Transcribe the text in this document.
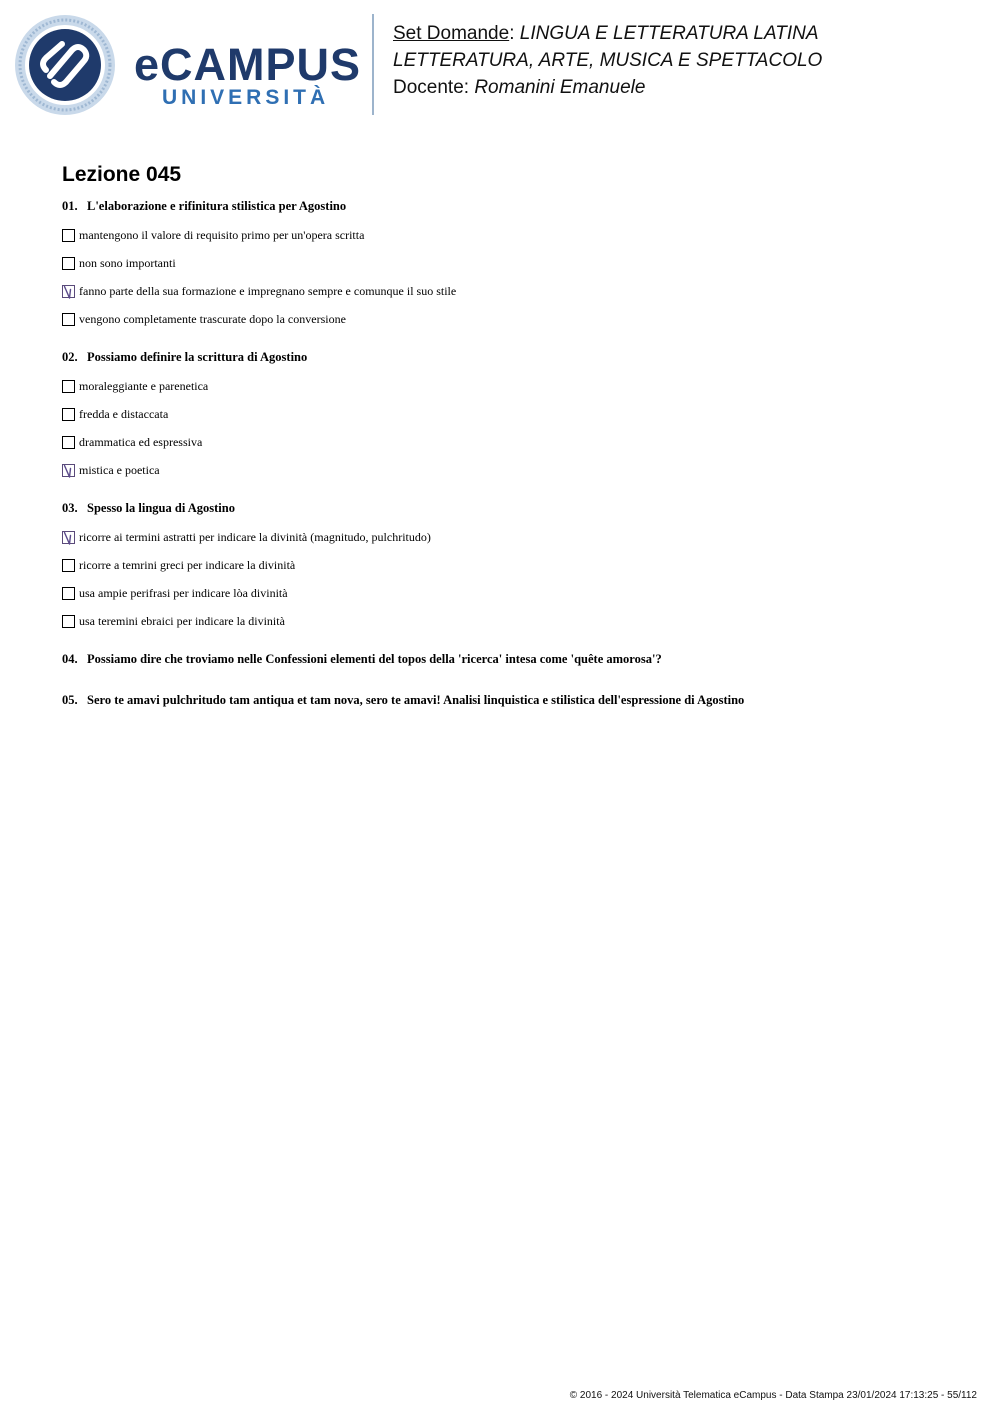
eCAMPUS
UNIVERSITÀ
Set Domande: LINGUA E LETTERATURA LATINA
LETTERATURA, ARTE, MUSICA E SPETTACOLO
Docente: Romanini Emanuele
Lezione 045
01. L'elaborazione e rifinitura stilistica per Agostino
mantengono il valore di requisito primo per un'opera scritta
non sono importanti
fanno parte della sua formazione e impregnano sempre e comunque il suo stile
vengono completamente trascurate dopo la conversione
02. Possiamo definire la scrittura di Agostino
moraleggiante e parenetica
fredda e distaccata
drammatica ed espressiva
mistica e poetica
03. Spesso la lingua di Agostino
ricorre ai termini astratti per indicare la divinità (magnitudo, pulchritudo)
ricorre a temrini greci per indicare la divinità
usa ampie perifrasi per indicare lòa divinità
usa teremini ebraici per indicare la divinità
04. Possiamo dire che troviamo nelle Confessioni elementi del topos della 'ricerca' intesa come 'quête amorosa'?
05. Sero te amavi pulchritudo tam antiqua et tam nova, sero te amavi! Analisi linquistica e stilistica dell'espressione di Agostino
© 2016 - 2024 Università Telematica eCampus - Data Stampa 23/01/2024 17:13:25 - 55/112
